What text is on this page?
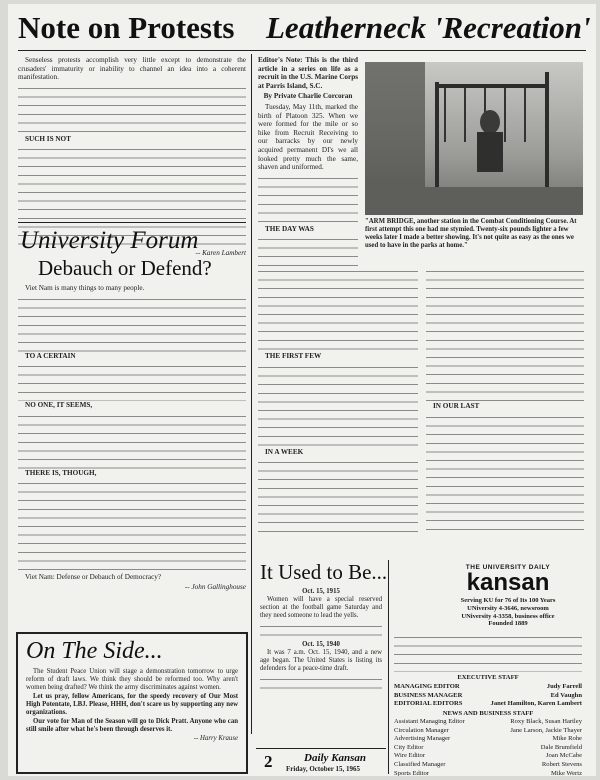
Note on Protests Leatherneck 'Recreation'

Senseless protests accomplish very little except to demonstrate the crusaders' immaturity or inability to channel an idea into a coherent manifestation.

SUCH IS NOT

-- Karen Lambert
University Forum
Debauch or Defend?

Viet Nam is many things to many people.

TO A CERTAIN

NO ONE, IT SEEMS,

THERE IS, THOUGH,

Viet Nam: Defense or Debauch of Democracy?

-- John Gallinghouse
On The Side...

The Student Peace Union will stage a demonstration tomorrow to urge reform of draft laws. We think they should be reformed too. Why aren't women being drafted? We think the army discriminates against women.

Let us pray, fellow Americans, for the speedy recovery of Our Most High Potentate, LBJ. Please, HHH, don't scare us by supporting any new organizations.

Our vote for Man of the Season will go to Dick Pratt. Anyone who can still smile after what he's been through deserves it.

-- Harry Krause
Editor's Note: This is the third article in a series on life as a recruit in the U.S. Marine Corps at Parris Island, S.C.
By Private Charlie Corcoran

Tuesday, May 11th, marked the birth of Platoon 325. When we were formed for the mile or so hike from Recruit Receiving to our barracks by our newly acquired permanent DI's we all looked pretty much the same, shaven and uniformed.

THE DAY WAS

"ARM BRIDGE, another station in the Combat Conditioning Course. At first attempt this one had me stymied. Twenty-six pounds lighter a few weeks later I made a better showing. It's not quite as easy as the ones we used to have in the parks at home."

THE FIRST FEW

IN A WEEK

IN OUR LAST

It Used to Be...
Oct. 15, 1915

Women will have a special reserved section at the football game Saturday and they need someone to lead the yells.

Oct. 15, 1940

It was 7 a.m. Oct. 15, 1940, and a new age began. The United States is listing its defenders for a peace-time draft.

2	Daily Kansan
Friday, October 15, 1965
THE UNIVERSITY DAILY
kansan
Serving KU for 76 of Its 100 Years
UNiversity 4-3646, newsroom
UNiversity 4-3358, business office
Founded 1889
EXECUTIVE STAFF
MANAGING EDITOR	Judy Farrell
BUSINESS MANAGER	Ed Vaughn
EDITORIAL EDITORS	Janet Hamilton, Karen Lambert
NEWS AND BUSINESS STAFF
Assistant Managing Editor	Roxy Black, Susan Hartley
Circulation Manager	Jane Larson, Jackie Thayer
Advertising Manager	Mike Rohe
City Editor	Dale Brumfield
Wire Editor	Joan McCabe
Classified Manager	Robert Stevens
Sports Editor	Mike Wertz
